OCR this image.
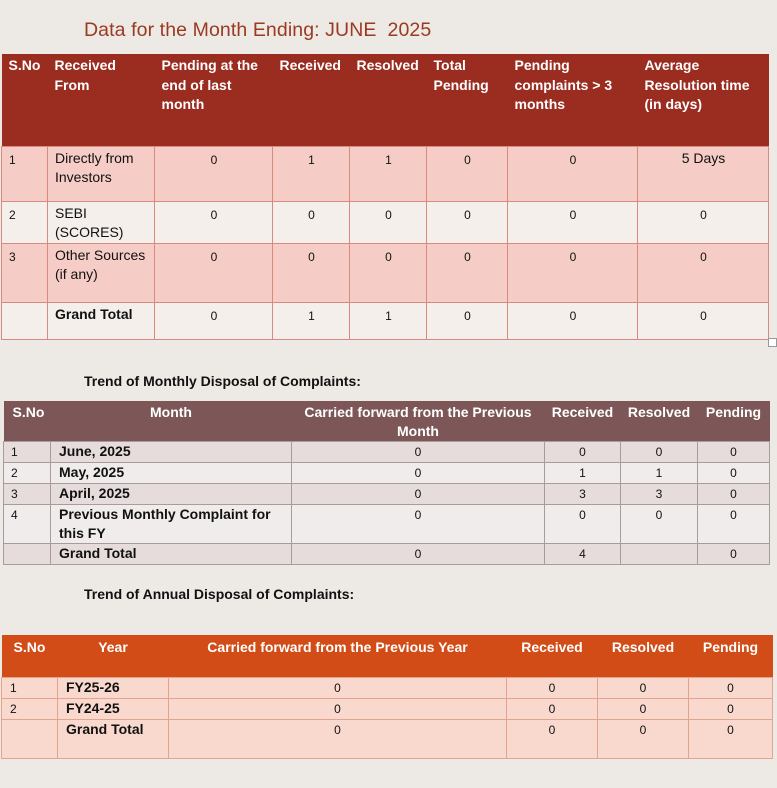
Data for the Month Ending: JUNE  2025
S.No	Received From	Pending at the end of last month	Received	Resolved	Total Pending	Pending complaints > 3 months	Average Resolution time (in days)
1	Directly from Investors	0	1	1	0	0	5 Days
2	SEBI (SCORES)	0	0	0	0	0	0
3	Other Sources (if any)	0	0	0	0	0	0
	Grand Total	0	1	1	0	0	0
Trend of Monthly Disposal of Complaints:
S.No	Month	Carried forward from the Previous Month	Received	Resolved	Pending
1	June, 2025	0	0	0	0
2	May, 2025	0	1	1	0
3	April, 2025	0	3	3	0
4	Previous Monthly Complaint for this FY	0	0	0	0
	Grand Total	0	4		0
Trend of Annual Disposal of Complaints:
S.No	Year	Carried forward from the Previous Year	Received	Resolved	Pending
1	FY25-26	0	0	0	0
2	FY24-25	0	0	0	0
	Grand Total	0	0	0	0
